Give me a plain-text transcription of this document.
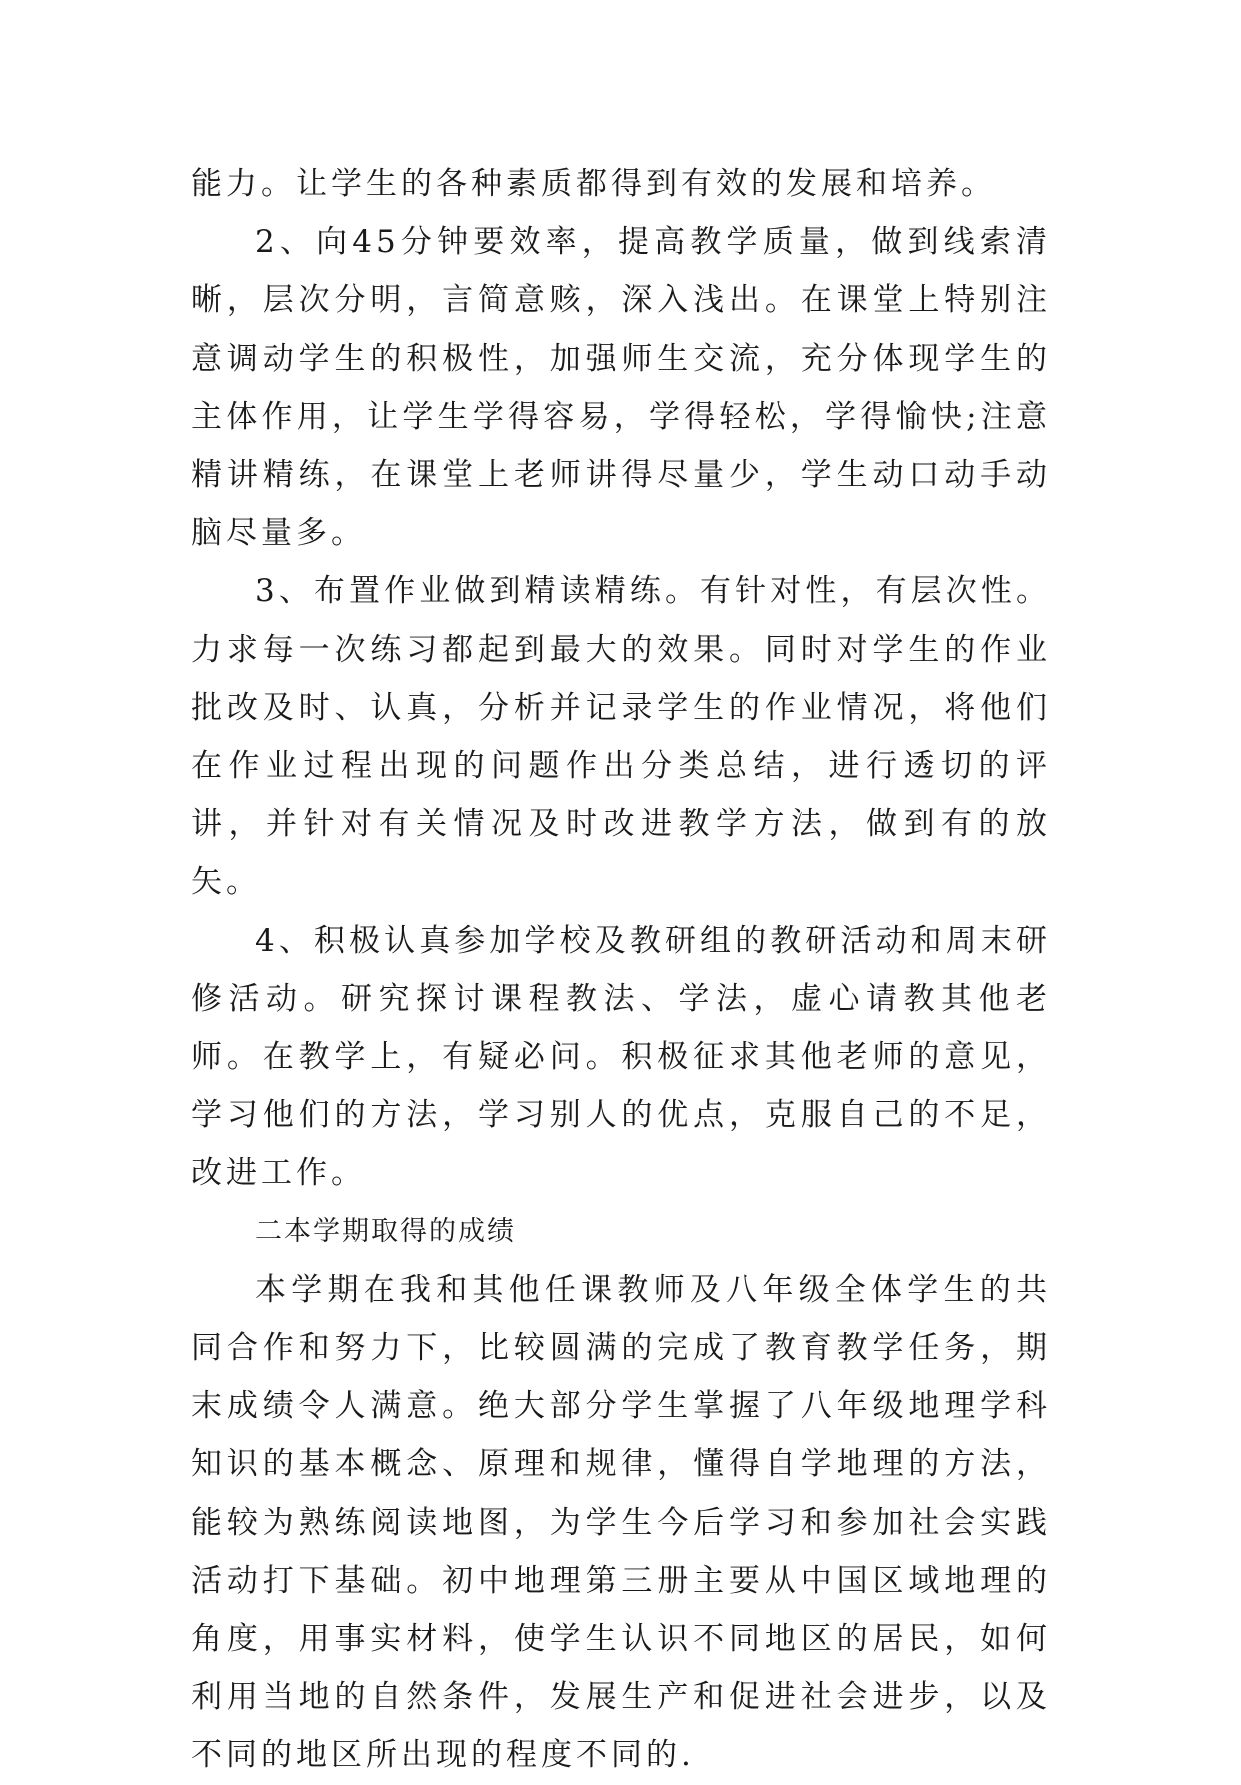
能力。让学生的各种素质都得到有效的发展和培养。

2、向45分钟要效率，提高教学质量，做到线索清晰，层次分明，言简意赅，深入浅出。在课堂上特别注意调动学生的积极性，加强师生交流，充分体现学生的主体作用，让学生学得容易，学得轻松，学得愉快;注意精讲精练，在课堂上老师讲得尽量少，学生动口动手动脑尽量多。

3、布置作业做到精读精练。有针对性，有层次性。力求每一次练习都起到最大的效果。同时对学生的作业批改及时、认真，分析并记录学生的作业情况，将他们在作业过程出现的问题作出分类总结，进行透切的评讲，并针对有关情况及时改进教学方法，做到有的放矢。

4、积极认真参加学校及教研组的教研活动和周末研修活动。研究探讨课程教法、学法，虚心请教其他老师。在教学上，有疑必问。积极征求其他老师的意见，学习他们的方法，学习别人的优点，克服自己的不足，改进工作。

二本学期取得的成绩

本学期在我和其他任课教师及八年级全体学生的共同合作和努力下，比较圆满的完成了教育教学任务，期末成绩令人满意。绝大部分学生掌握了八年级地理学科知识的基本概念、原理和规律，懂得自学地理的方法，能较为熟练阅读地图，为学生今后学习和参加社会实践活动打下基础。初中地理第三册主要从中国区域地理的角度，用事实材料，使学生认识不同地区的居民，如何利用当地的自然条件，发展生产和促进社会进步，以及不同的地区所出现的程度不同的.
